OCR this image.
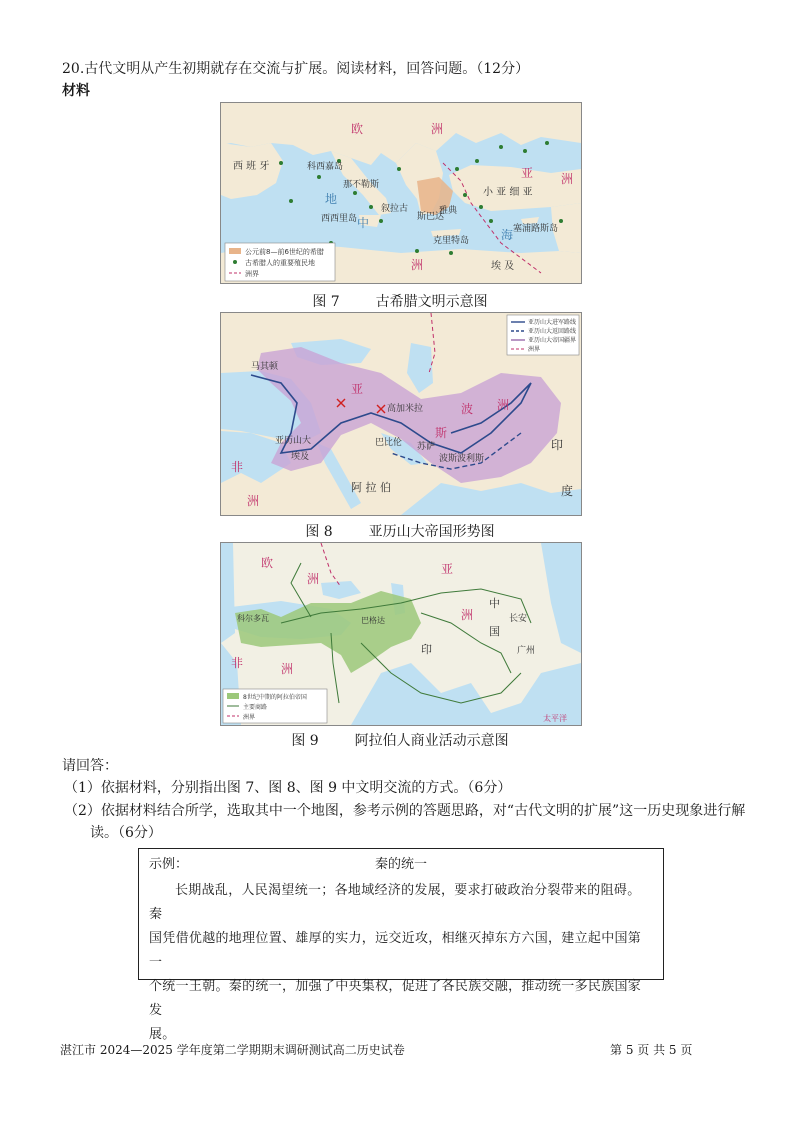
20.古代文明从产生初期就存在交流与扩展。阅读材料，回答问题。（12分）
材料
欧	洲
西 班 牙	科西嘉岛
那不勒斯
地
中
海
西西里岛
叙拉古
斯巴达
雅典
克里特岛
小 亚 细 亚
亚 洲
塞浦路斯岛
洲	埃 及
公元前8—前6世纪的希腊
古希腊人的重要殖民地
洲界
图 7	古希腊文明示意图
马其顿
亚
洲
波
斯
巴比伦
高加米拉
亚历山大
埃及
苏萨
波斯波利斯
印
度
阿 拉 伯
非
洲
亚历山大进军路线
亚历山大返回路线
亚历山大帝国疆界
洲界
图 8	亚历山大帝国形势图
欧
洲
亚
洲
中
国
长安
广州
科尔多瓦	巴格达
印
非	洲
太平洋
8世纪中期的阿拉伯帝国
主要商路
洲界
图 9	阿拉伯人商业活动示意图
请回答：
（1）依据材料，分别指出图 7、图 8、图 9 中文明交流的方式。（6分）
（2）依据材料结合所学，选取其中一个地图，参考示例的答题思路，对“古代文明的扩展”这一历史现象进行解
读。（6分）
示例：	秦的统一
长期战乱，人民渴望统一；各地域经济的发展，要求打破政治分裂带来的阻碍。秦
国凭借优越的地理位置、雄厚的实力，远交近攻，相继灭掉东方六国，建立起中国第一
个统一王朝。秦的统一，加强了中央集权，促进了各民族交融，推动统一多民族国家发
展。
湛江市 2024—2025 学年度第二学期期末调研测试高二历史试卷	第 5 页 共 5 页
